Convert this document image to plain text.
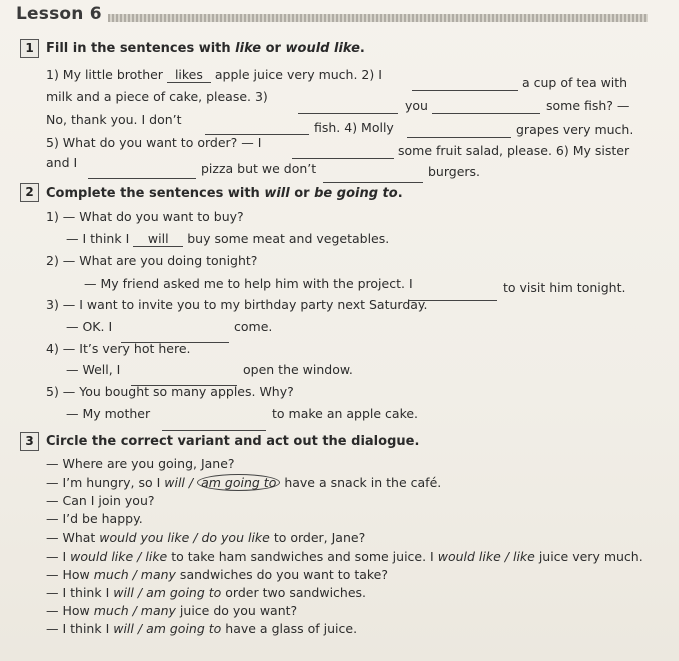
Lesson 6
1 Fill in the sentences with like or would like.
1) My little brother likes apple juice very much. 2) I
a cup of tea with
milk and a piece of cake, please. 3)
you	some fish? —
No, thank you. I don’t
fish. 4) Molly	grapes very much.
5) What do you want to order? — I
some fruit salad, please. 6) My sister
and I	pizza but we don’t	burgers.
2 Complete the sentences with will or be going to.
1) — What do you want to buy?
— I think I will buy some meat and vegetables.
2) — What are you doing tonight?
— My friend asked me to help him with the project. I	to visit him tonight.
3) — I want to invite you to my birthday party next Saturday.
— OK. I	come.
4) — It’s very hot here.
— Well, I	open the window.
5) — You bought so many apples. Why?
— My mother	to make an apple cake.
3 Circle the correct variant and act out the dialogue.
— Where are you going, Jane?
— I’m hungry, so I will / am going to have a snack in the café.
— Can I join you?
— I’d be happy.
— What would you like / do you like to order, Jane?
— I would like / like to take ham sandwiches and some juice. I would like / like juice very much.
— How much / many sandwiches do you want to take?
— I think I will / am going to order two sandwiches.
— How much / many juice do you want?
— I think I will / am going to have a glass of juice.
